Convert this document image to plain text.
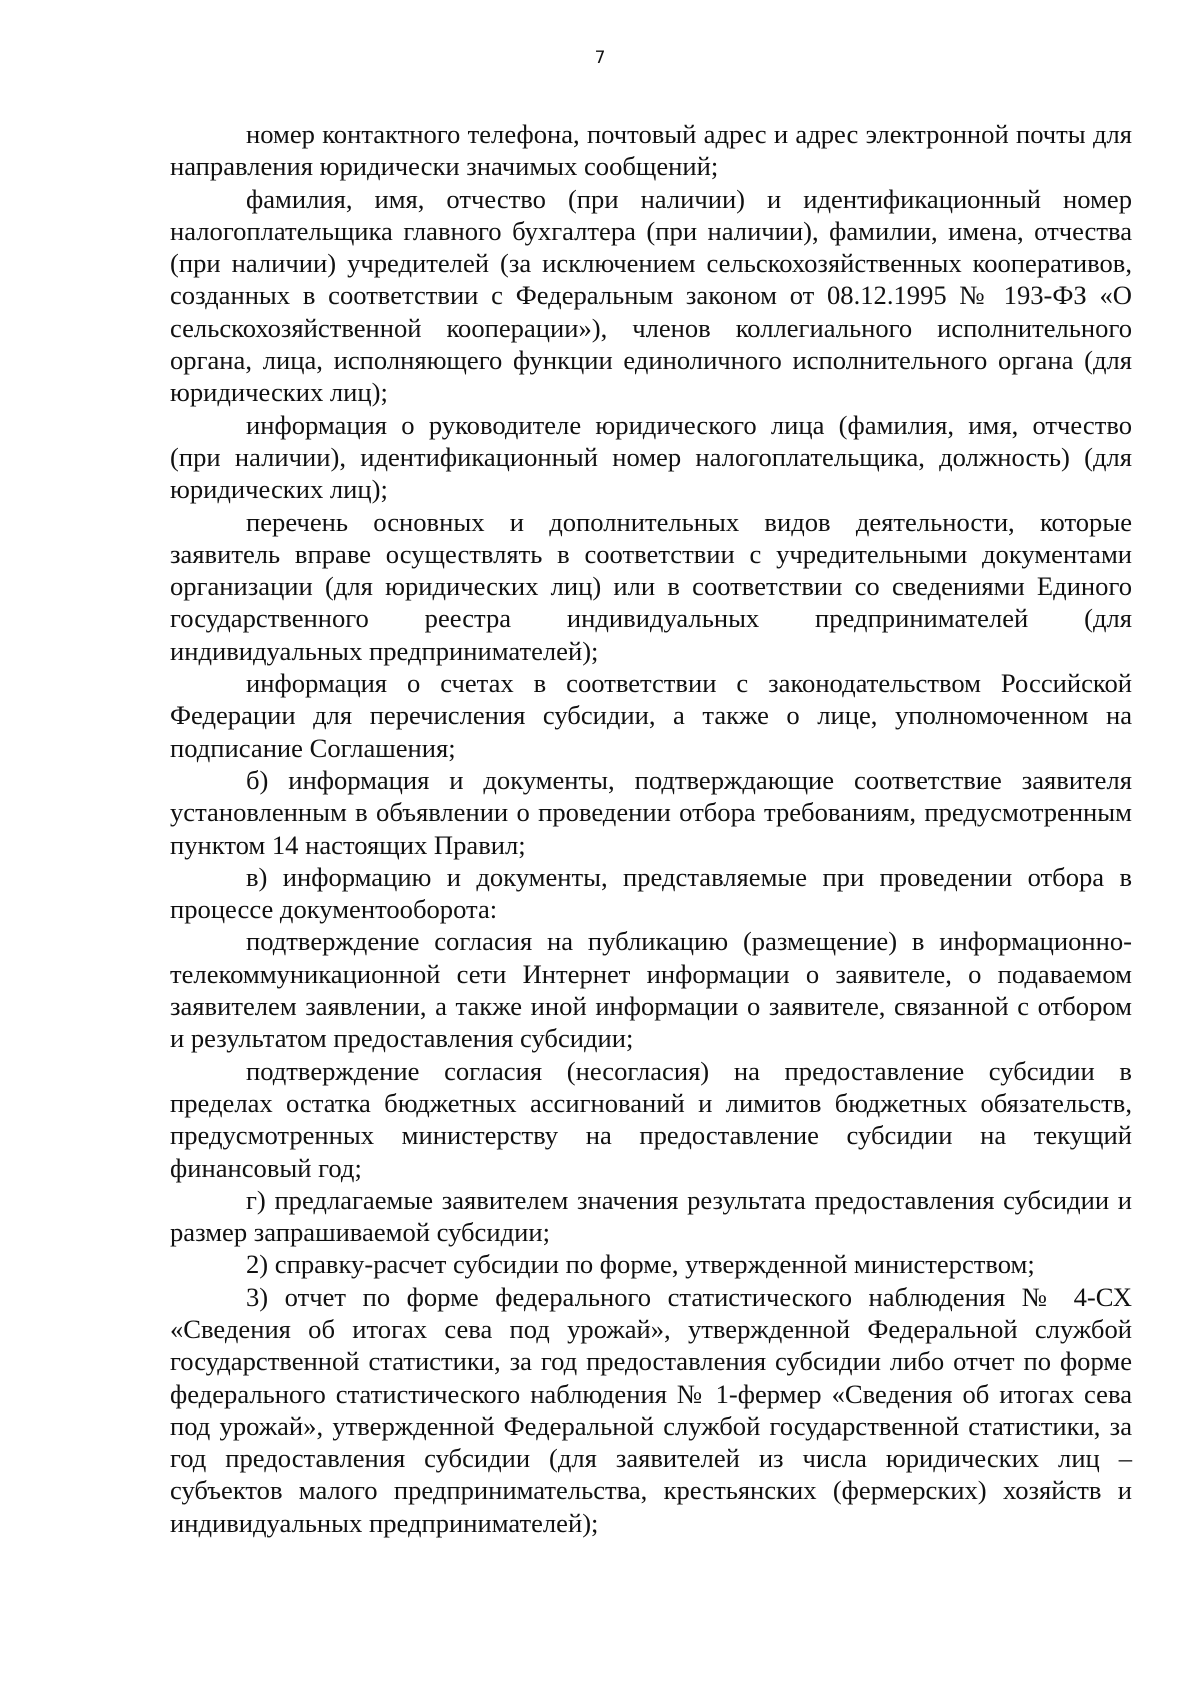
7

номер контактного телефона, почтовый адрес и адрес электронной почты для направления юридически значимых сообщений;

фамилия, имя, отчество (при наличии) и идентификационный номер налогоплательщика главного бухгалтера (при наличии), фамилии, имена, отчества (при наличии) учредителей (за исключением сельскохозяйственных кооперативов, созданных в соответствии с Федеральным законом от 08.12.1995 № 193-ФЗ «О сельскохозяйственной кооперации»), членов коллегиального исполнительного органа, лица, исполняющего функции единоличного исполнительного органа (для юридических лиц);

информация о руководителе юридического лица (фамилия, имя, отчество (при наличии), идентификационный номер налогоплательщика, должность) (для юридических лиц);

перечень основных и дополнительных видов деятельности, которые заявитель вправе осуществлять в соответствии с учредительными документами организации (для юридических лиц) или в соответствии со сведениями Единого государственного реестра индивидуальных предпринимателей (для индивидуальных предпринимателей);

информация о счетах в соответствии с законодательством Российской Федерации для перечисления субсидии, а также о лице, уполномоченном на подписание Соглашения;

б) информация и документы, подтверждающие соответствие заявителя установленным в объявлении о проведении отбора требованиям, предусмотренным пунктом 14 настоящих Правил;

в) информацию и документы, представляемые при проведении отбора в процессе документооборота:

подтверждение согласия на публикацию (размещение) в информационно-телекоммуникационной сети Интернет информации о заявителе, о подаваемом заявителем заявлении, а также иной информации о заявителе, связанной с отбором и результатом предоставления субсидии;

подтверждение согласия (несогласия) на предоставление субсидии в пределах остатка бюджетных ассигнований и лимитов бюджетных обязательств, предусмотренных министерству на предоставление субсидии на текущий финансовый год;

г) предлагаемые заявителем значения результата предоставления субсидии и размер запрашиваемой субсидии;

2) справку-расчет субсидии по форме, утвержденной министерством;

3) отчет по форме федерального статистического наблюдения № 4-СХ «Сведения об итогах сева под урожай», утвержденной Федеральной службой государственной статистики, за год предоставления субсидии либо отчет по форме федерального статистического наблюдения № 1-фермер «Сведения об итогах сева под урожай», утвержденной Федеральной службой государственной статистики, за год предоставления субсидии (для заявителей из числа юридических лиц – субъектов малого предпринимательства, крестьянских (фермерских) хозяйств и индивидуальных предпринимателей);
